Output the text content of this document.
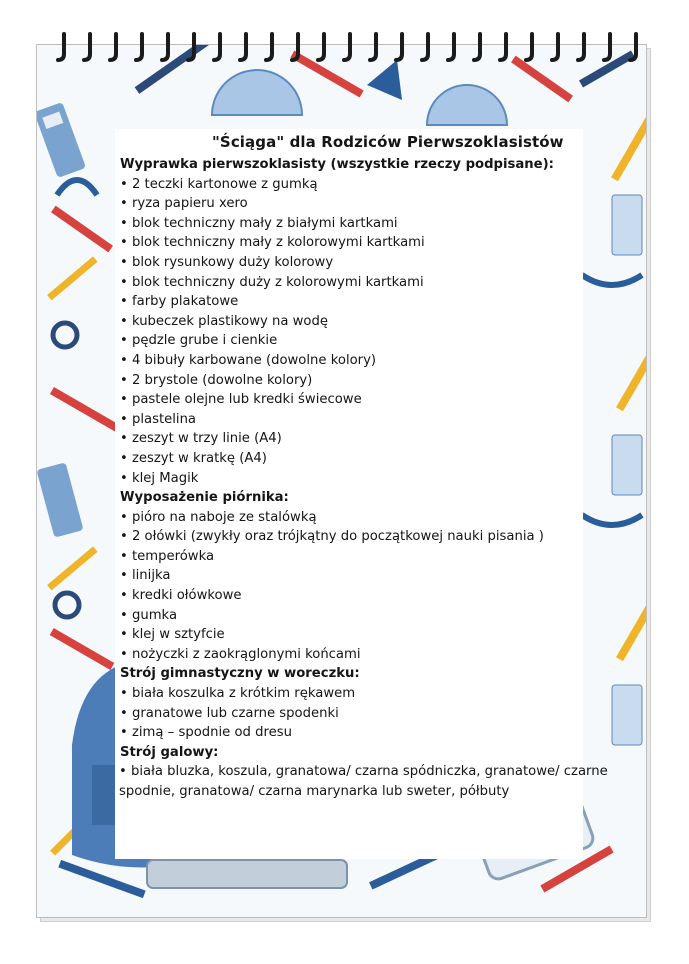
"Ściąga" dla Rodziców Pierwszoklasistów
Wyprawka pierwszoklasisty (wszystkie rzeczy podpisane):
• 2 teczki kartonowe z gumką
• ryza papieru xero
• blok techniczny mały z białymi kartkami
• blok techniczny mały z kolorowymi kartkami
• blok rysunkowy duży kolorowy
• blok techniczny duży z kolorowymi kartkami
• farby plakatowe
• kubeczek plastikowy na wodę
• pędzle grube i cienkie
• 4 bibuły karbowane (dowolne kolory)
• 2 brystole (dowolne kolory)
• pastele olejne lub kredki świecowe
• plastelina
• zeszyt w trzy linie (A4)
• zeszyt w kratkę (A4)
• klej Magik
Wyposażenie piórnika:
• pióro na naboje ze stalówką
• 2 ołówki (zwykły oraz trójkątny do początkowej nauki pisania )
• temperówka
• linijka
• kredki ołówkowe
• gumka
• klej w sztyfcie
• nożyczki z zaokrąglonymi końcami
Strój gimnastyczny w woreczku:
• biała koszulka z krótkim rękawem
• granatowe lub czarne spodenki
• zimą – spodnie od dresu
Strój galowy:
• biała bluzka, koszula, granatowa/ czarna spódniczka, granatowe/ czarne spodnie, granatowa/ czarna marynarka lub sweter, półbuty
